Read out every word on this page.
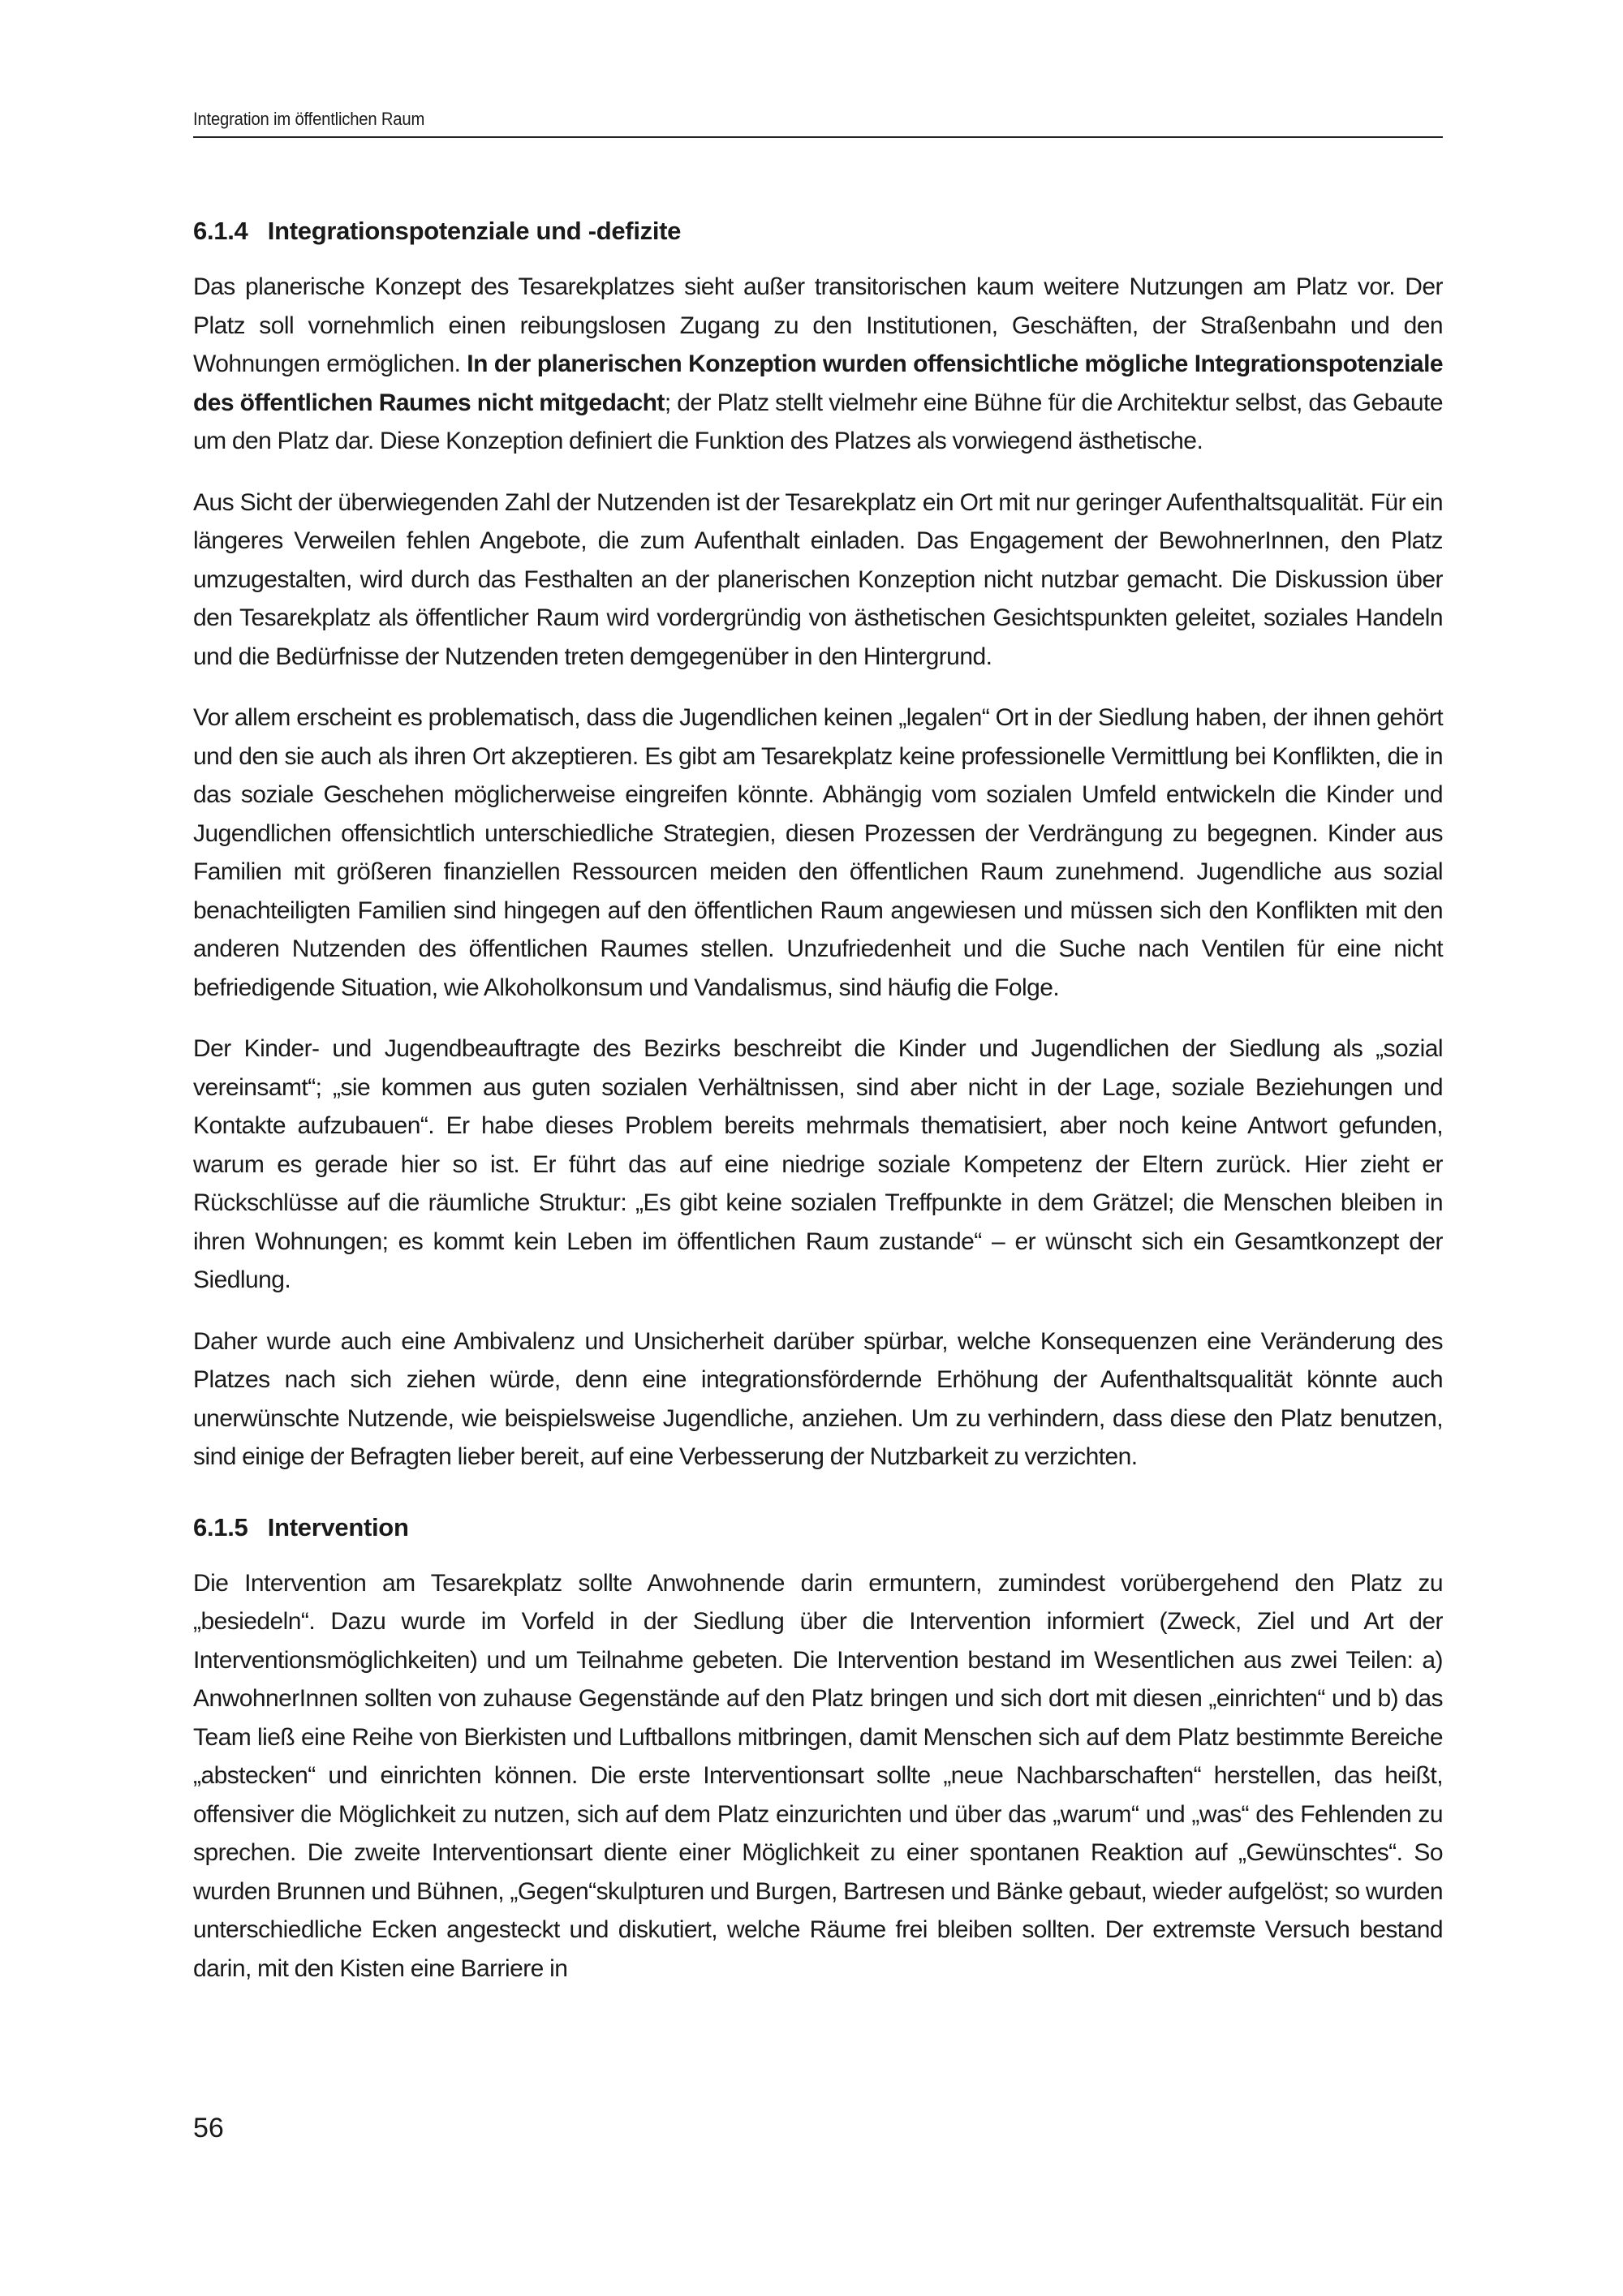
Integration im öffentlichen Raum
6.1.4 Integrationspotenziale und -defizite

Das planerische Konzept des Tesarekplatzes sieht außer transitorischen kaum weitere Nutzungen am Platz vor. Der Platz soll vornehmlich einen reibungslosen Zugang zu den Institutionen, Geschäften, der Straßenbahn und den Wohnungen ermöglichen. In der planerischen Konzeption wurden offensichtliche mögliche Integrationspotenziale des öffentlichen Raumes nicht mitgedacht; der Platz stellt vielmehr eine Bühne für die Architektur selbst, das Gebaute um den Platz dar. Diese Konzeption definiert die Funktion des Platzes als vorwiegend ästhetische.

Aus Sicht der überwiegenden Zahl der Nutzenden ist der Tesarekplatz ein Ort mit nur geringer Aufenthaltsqualität. Für ein längeres Verweilen fehlen Angebote, die zum Aufenthalt einladen. Das Engagement der BewohnerInnen, den Platz umzugestalten, wird durch das Festhalten an der planerischen Konzeption nicht nutzbar gemacht. Die Diskussion über den Tesarekplatz als öffentlicher Raum wird vordergründig von ästhetischen Gesichtspunkten geleitet, soziales Handeln und die Bedürfnisse der Nutzenden treten demgegenüber in den Hintergrund.

Vor allem erscheint es problematisch, dass die Jugendlichen keinen „legalen“ Ort in der Siedlung haben, der ihnen gehört und den sie auch als ihren Ort akzeptieren. Es gibt am Tesarekplatz keine professionelle Vermittlung bei Konflikten, die in das soziale Geschehen möglicherweise eingreifen könnte. Abhängig vom sozialen Umfeld entwickeln die Kinder und Jugendlichen offensichtlich unterschiedliche Strategien, diesen Prozessen der Verdrängung zu begegnen. Kinder aus Familien mit größeren finanziellen Ressourcen meiden den öffentlichen Raum zunehmend. Jugendliche aus sozial benachteiligten Familien sind hingegen auf den öffentlichen Raum angewiesen und müssen sich den Konflikten mit den anderen Nutzenden des öffentlichen Raumes stellen. Unzufriedenheit und die Suche nach Ventilen für eine nicht befriedigende Situation, wie Alkoholkonsum und Vandalismus, sind häufig die Folge.

Der Kinder- und Jugendbeauftragte des Bezirks beschreibt die Kinder und Jugendlichen der Siedlung als „sozial vereinsamt“; „sie kommen aus guten sozialen Verhältnissen, sind aber nicht in der Lage, soziale Beziehungen und Kontakte aufzubauen“. Er habe dieses Problem bereits mehrmals thematisiert, aber noch keine Antwort gefunden, warum es gerade hier so ist. Er führt das auf eine niedrige soziale Kompetenz der Eltern zurück. Hier zieht er Rückschlüsse auf die räumliche Struktur: „Es gibt keine sozialen Treffpunkte in dem Grätzel; die Menschen bleiben in ihren Wohnungen; es kommt kein Leben im öffentlichen Raum zustande“ – er wünscht sich ein Gesamtkonzept der Siedlung.

Daher wurde auch eine Ambivalenz und Unsicherheit darüber spürbar, welche Konsequenzen eine Veränderung des Platzes nach sich ziehen würde, denn eine integrationsfördernde Erhöhung der Aufenthaltsqualität könnte auch unerwünschte Nutzende, wie beispielsweise Jugendliche, anziehen. Um zu verhindern, dass diese den Platz benutzen, sind einige der Befragten lieber bereit, auf eine Verbesserung der Nutzbarkeit zu verzichten.

6.1.5 Intervention

Die Intervention am Tesarekplatz sollte Anwohnende darin ermuntern, zumindest vorübergehend den Platz zu „besiedeln“. Dazu wurde im Vorfeld in der Siedlung über die Intervention informiert (Zweck, Ziel und Art der Interventionsmöglichkeiten) und um Teilnahme gebeten. Die Intervention bestand im Wesentlichen aus zwei Teilen: a) AnwohnerInnen sollten von zuhause Gegenstände auf den Platz bringen und sich dort mit diesen „einrichten“ und b) das Team ließ eine Reihe von Bierkisten und Luftballons mitbringen, damit Menschen sich auf dem Platz bestimmte Bereiche „abstecken“ und einrichten können. Die erste Interventionsart sollte „neue Nachbarschaften“ herstellen, das heißt, offensiver die Möglichkeit zu nutzen, sich auf dem Platz einzurichten und über das „warum“ und „was“ des Fehlenden zu sprechen. Die zweite Interventionsart diente einer Möglichkeit zu einer spontanen Reaktion auf „Gewünschtes“. So wurden Brunnen und Bühnen, „Gegen“skulpturen und Burgen, Bartresen und Bänke gebaut, wieder aufgelöst; so wurden unterschiedliche Ecken angesteckt und diskutiert, welche Räume frei bleiben sollten. Der extremste Versuch bestand darin, mit den Kisten eine Barriere in

56
